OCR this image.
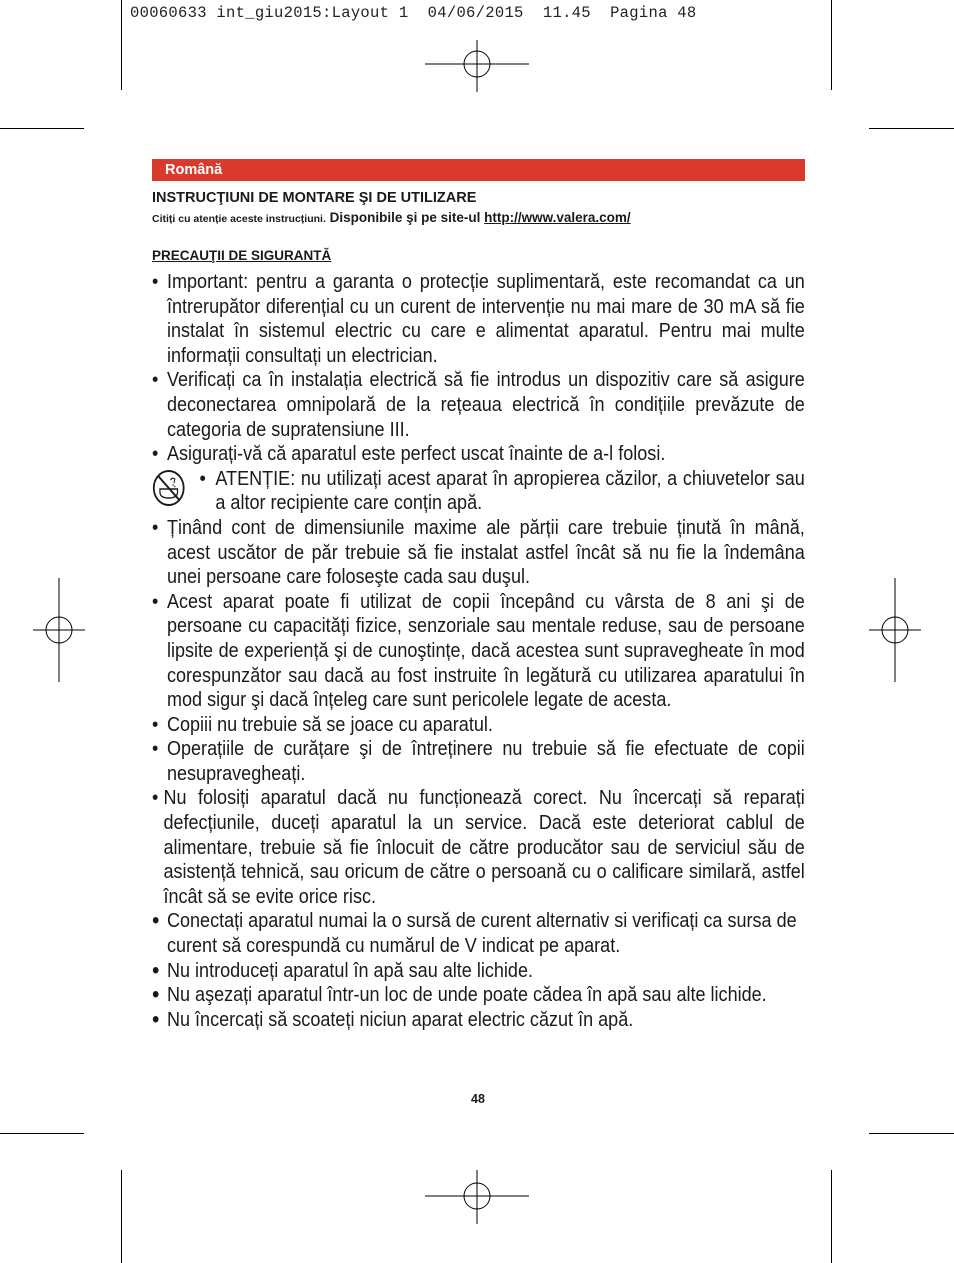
00060633 int_giu2015:Layout 1  04/06/2015  11.45  Pagina 48
Română
INSTRUCŢIUNI DE MONTARE ŞI DE UTILIZARE
Citiți cu atenție aceste instrucțiuni. Disponibile şi pe site-ul http://www.valera.com/
PRECAUŢII DE SIGURANTĂ
• Important: pentru a garanta o protecție suplimentară, este recomandat ca un întrerupător diferențial cu un curent de intervenție nu mai mare de 30 mA să fie instalat în sistemul electric cu care e alimentat aparatul. Pentru mai multe informații consultați un electrician.
• Verificați ca în instalația electrică să fie introdus un dispozitiv care să asigure deconectarea omnipolară de la rețeaua electrică în condițiile prevăzute de categoria de supratensiune III.
• Asigurați-vă că aparatul este perfect uscat înainte de a-l folosi.
• ATENȚIE: nu utilizați acest aparat în apropierea căzilor, a chiuvetelor sau a altor recipiente care conțin apă.
• Ținând cont de dimensiunile maxime ale părții care trebuie ținută în mână, acest uscător de păr trebuie să fie instalat astfel încât să nu fie la îndemâna unei persoane care foloseşte cada sau duşul.
• Acest aparat poate fi utilizat de copii începând cu vârsta de 8 ani şi de persoane cu capacități fizice, senzoriale sau mentale reduse, sau de persoane lipsite de experiență şi de cunoştințe, dacă acestea sunt supravegheate în mod corespunzător sau dacă au fost instruite în legătură cu utilizarea aparatului în mod sigur şi dacă înțeleg care sunt pericolele legate de acesta.
• Copiii nu trebuie să se joace cu aparatul.
• Operațiile de curățare şi de întreținere nu trebuie să fie efectuate de copii nesupravegheați.
• Nu folosiți aparatul dacă nu funcționează corect. Nu încercați să reparați defecțiunile, duceți aparatul la un service. Dacă este deteriorat cablul de alimentare, trebuie să fie înlocuit de către producător sau de serviciul său de asistență tehnică, sau oricum de către o persoană cu o calificare similară, astfel încât să se evite orice risc.
• Conectați aparatul numai la o sursă de curent alternativ si verificați ca sursa de curent să corespundă cu numărul de V indicat pe aparat.
• Nu introduceți aparatul în apă sau alte lichide.
• Nu aşezați aparatul într-un loc de unde poate cădea în apă sau alte lichide.
• Nu încercați să scoateți niciun aparat electric căzut în apă.
48
